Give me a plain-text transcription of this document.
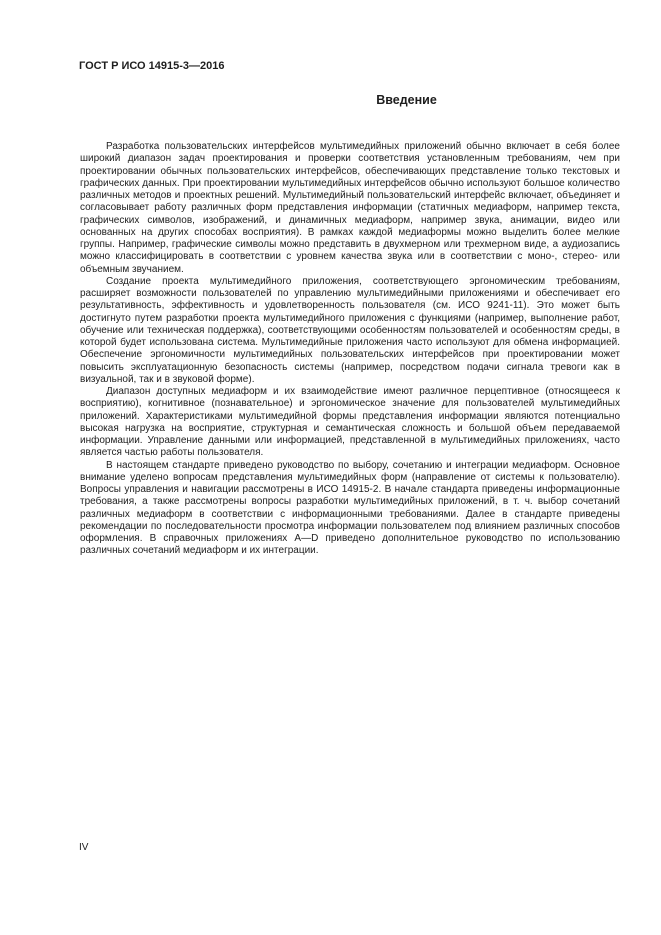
ГОСТ Р ИСО 14915-3—2016
Введение

Разработка пользовательских интерфейсов мультимедийных приложений обычно включает в себя более широкий диапазон задач проектирования и проверки соответствия установленным требованиям, чем при проектировании обычных пользовательских интерфейсов, обеспечивающих представление только текстовых и графических данных. При проектировании мультимедийных интерфейсов обычно используют большое количество различных методов и проектных решений. Мультимедийный пользовательский интерфейс включает, объединяет и согласовывает работу различных форм представления информации (статичных медиаформ, например текста, графических символов, изображений, и динамичных медиаформ, например звука, анимации, видео или основанных на других способах восприятия). В рамках каждой медиаформы можно выделить более мелкие группы. Например, графические символы можно представить в двухмерном или трехмерном виде, а аудиозапись можно классифицировать в соответствии с уровнем качества звука или в соответствии с моно-, стерео- или объемным звучанием.

Создание проекта мультимедийного приложения, соответствующего эргономическим требованиям, расширяет возможности пользователей по управлению мультимедийными приложениями и обеспечивает его результативность, эффективность и удовлетворенность пользователя (см. ИСО 9241-11). Это может быть достигнуто путем разработки проекта мультимедийного приложения с функциями (например, выполнение работ, обучение или техническая поддержка), соответствующими особенностям пользователей и особенностям среды, в которой будет использована система. Мультимедийные приложения часто используют для обмена информацией. Обеспечение эргономичности мультимедийных пользовательских интерфейсов при проектировании может повысить эксплуатационную безопасность системы (например, посредством подачи сигнала тревоги как в визуальной, так и в звуковой форме).

Диапазон доступных медиаформ и их взаимодействие имеют различное перцептивное (относящееся к восприятию), когнитивное (познавательное) и эргономическое значение для пользователей мультимедийных приложений. Характеристиками мультимедийной формы представления информации являются потенциально высокая нагрузка на восприятие, структурная и семантическая сложность и большой объем передаваемой информации. Управление данными или информацией, представленной в мультимедийных приложениях, часто является частью работы пользователя.

В настоящем стандарте приведено руководство по выбору, сочетанию и интеграции медиаформ. Основное внимание уделено вопросам представления мультимедийных форм (направление от системы к пользователю). Вопросы управления и навигации рассмотрены в ИСО 14915-2. В начале стандарта приведены информационные требования, а также рассмотрены вопросы разработки мультимедийных приложений, в т. ч. выбор сочетаний различных медиаформ в соответствии с информационными требованиями. Далее в стандарте приведены рекомендации по последовательности просмотра информации пользователем под влиянием различных способов оформления. В справочных приложениях А—D приведено дополнительное руководство по использованию различных сочетаний медиаформ и их интеграции.

IV
